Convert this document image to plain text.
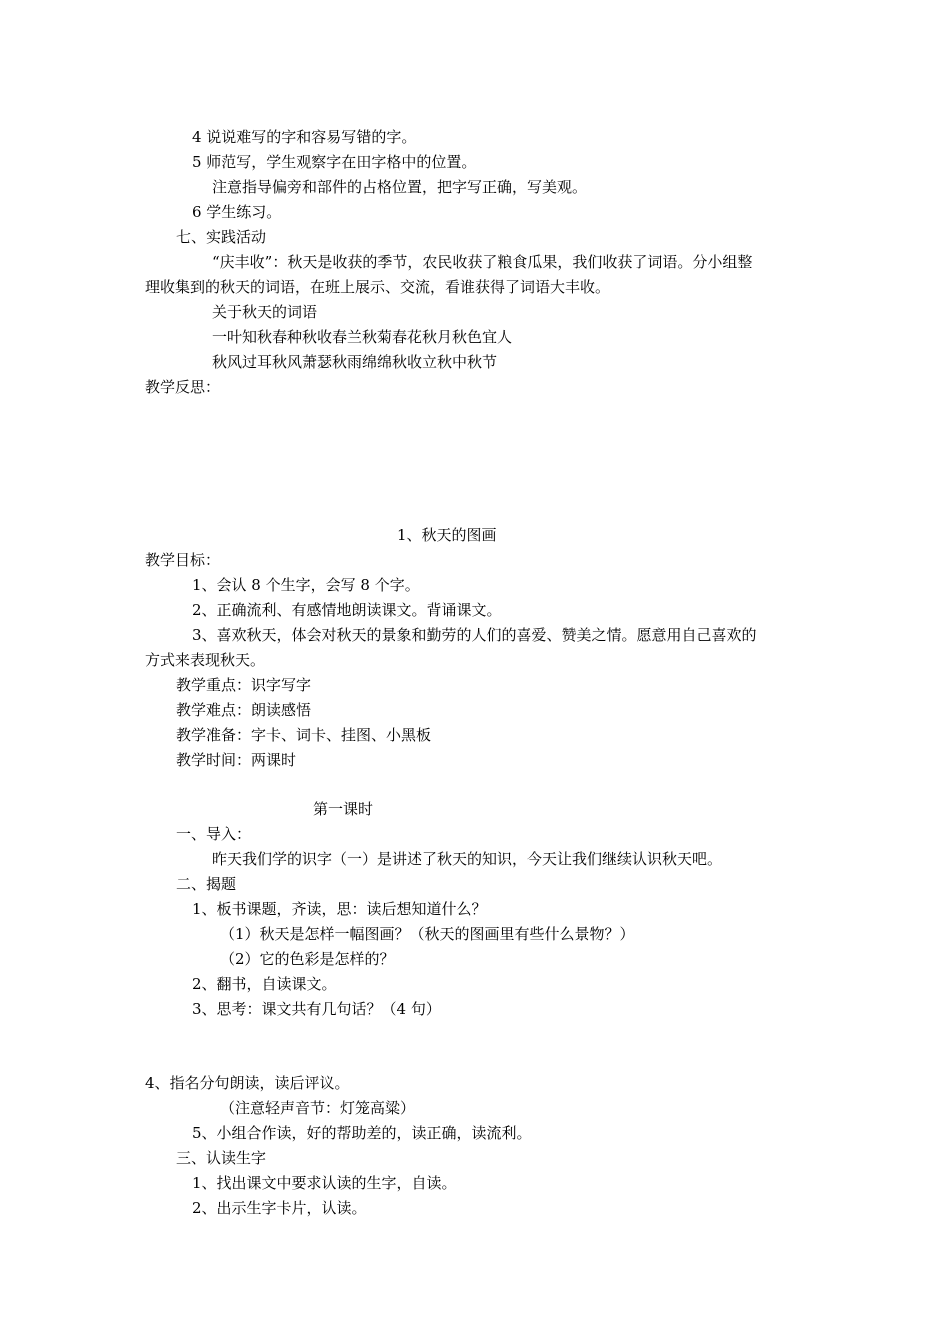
4 说说难写的字和容易写错的字。
5 师范写，学生观察字在田字格中的位置。
注意指导偏旁和部件的占格位置，把字写正确，写美观。
6 学生练习。
七、实践活动
“庆丰收”：秋天是收获的季节，农民收获了粮食瓜果，我们收获了词语。分小组整
理收集到的秋天的词语，在班上展示、交流，看谁获得了词语大丰收。
关于秋天的词语
一叶知秋春种秋收春兰秋菊春花秋月秋色宜人
秋风过耳秋风萧瑟秋雨绵绵秋收立秋中秋节
教学反思：
1、秋天的图画
教学目标：
1、会认 8 个生字，会写 8 个字。
2、正确流利、有感情地朗读课文。背诵课文。
3、喜欢秋天，体会对秋天的景象和勤劳的人们的喜爱、赞美之情。愿意用自己喜欢的
方式来表现秋天。
教学重点：识字写字
教学难点：朗读感悟
教学准备：字卡、词卡、挂图、小黑板
教学时间：两课时
第一课时
一、导入：
昨天我们学的识字（一）是讲述了秋天的知识，今天让我们继续认识秋天吧。
二、揭题
1、板书课题，齐读，思：读后想知道什么？
（1）秋天是怎样一幅图画？（秋天的图画里有些什么景物？）
（2）它的色彩是怎样的？
2、翻书，自读课文。
3、思考：课文共有几句话？（4 句）
4、指名分句朗读，读后评议。
（注意轻声音节：灯笼高粱）
5、小组合作读，好的帮助差的，读正确，读流利。
三、认读生字
1、找出课文中要求认读的生字，自读。
2、出示生字卡片，认读。
